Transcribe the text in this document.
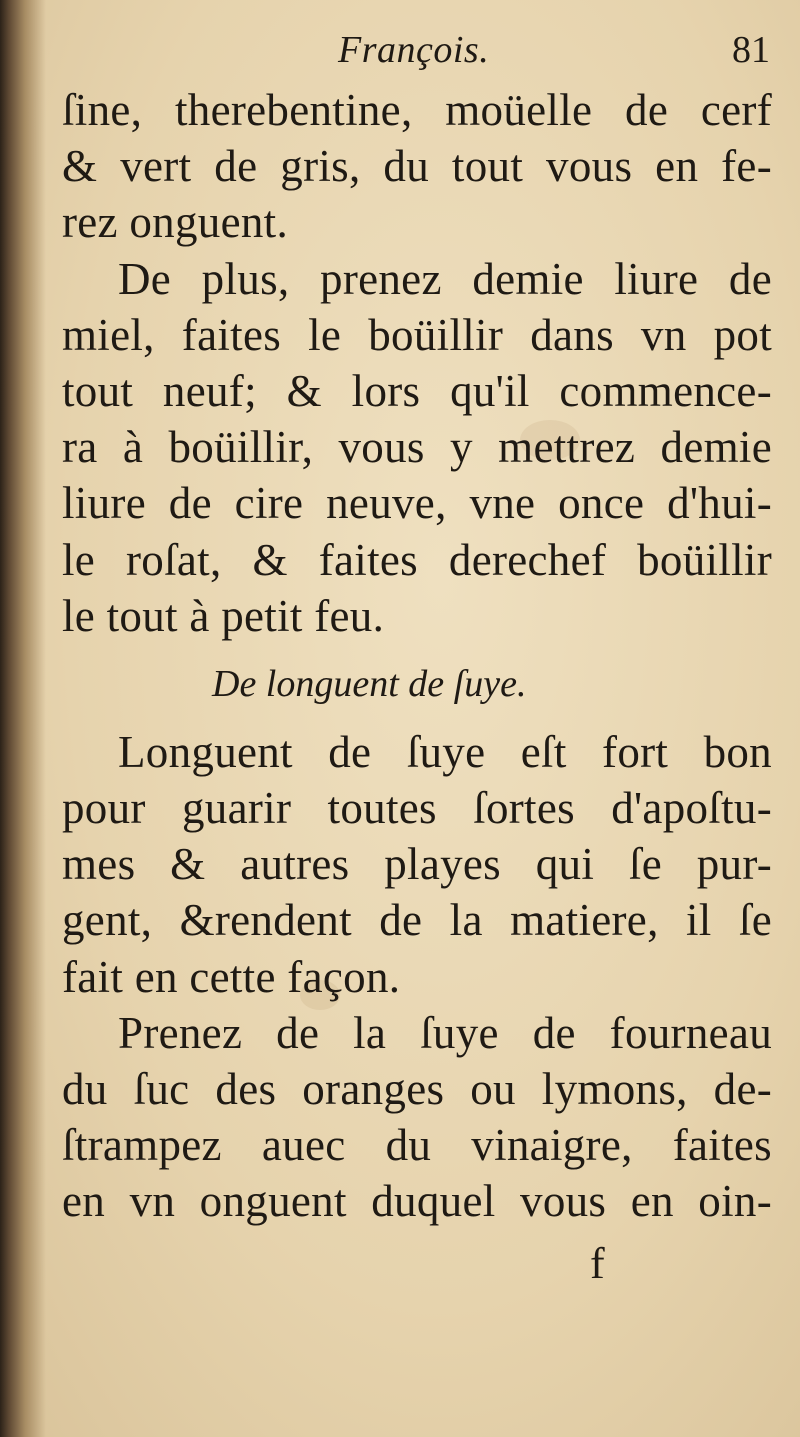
François.	81
ſine, therebentine, moüelle de cerf
& vert de gris, du tout vous en fe-
rez onguent.
De plus, prenez demie liure de
miel, faites le boüillir dans vn pot
tout neuf; & lors qu'il commence-
ra à boüillir, vous y mettrez demie
liure de cire neuve, vne once d'hui-
le roſat, & faites derechef boüillir
le tout à petit feu.
De longuent de ſuye.
Longuent de ſuye eſt fort bon
pour guarir toutes ſortes d'apoſtu-
mes & autres playes qui ſe pur-
gent, &rendent de la matiere, il ſe
fait en cette façon.
Prenez de la ſuye de fourneau
du ſuc des oranges ou lymons, de-
ſtrampez auec du vinaigre, faites
en vn onguent duquel vous en oin-
f
